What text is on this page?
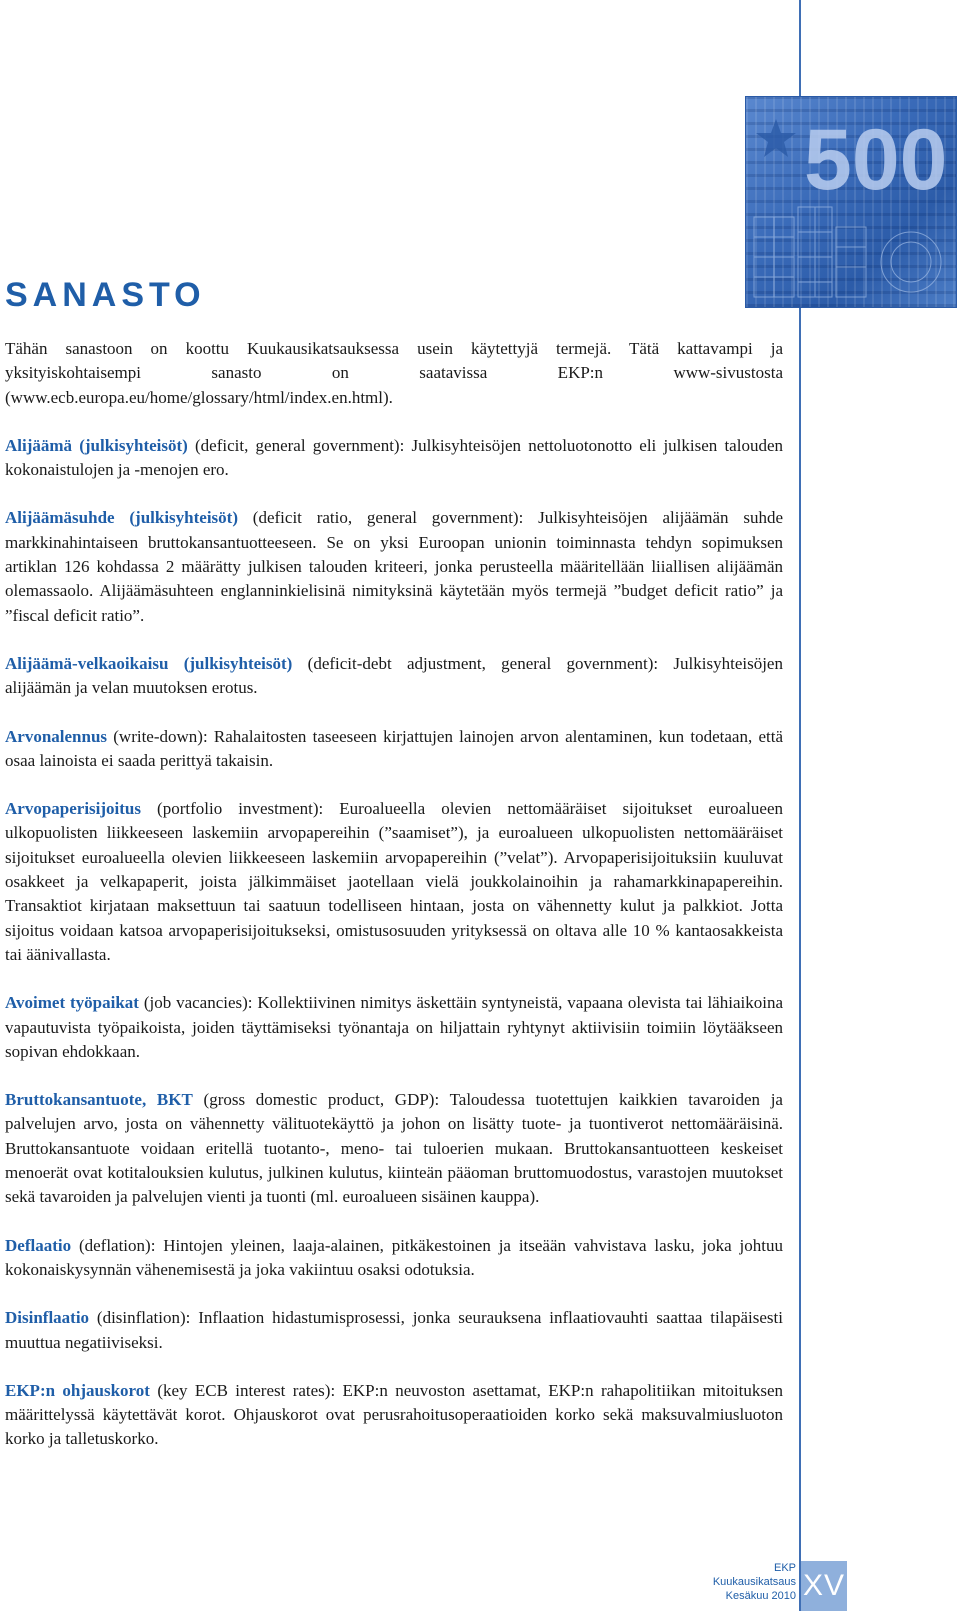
500
SANASTO

Tähän sanastoon on koottu Kuukausikatsauksessa usein käytettyjä termejä. Tätä kattavampi ja yksityiskohtaisempi sanasto on saatavissa EKP:n www-sivustosta (www.ecb.europa.eu/home/glossary/html/index.en.html).

Alijäämä (julkisyhteisöt) (deficit, general government): Julkisyhteisöjen nettoluotonotto eli julkisen talouden kokonaistulojen ja -menojen ero.

Alijäämäsuhde (julkisyhteisöt) (deficit ratio, general government): Julkisyhteisöjen alijäämän suhde markkinahintaiseen bruttokansantuotteeseen. Se on yksi Euroopan unionin toiminnasta tehdyn sopimuksen artiklan 126 kohdassa 2 määrätty julkisen talouden kriteeri, jonka perusteella määritellään liiallisen alijäämän olemassaolo. Alijäämäsuhteen englanninkielisinä nimityksinä käytetään myös termejä ”budget deficit ratio” ja ”fiscal deficit ratio”.

Alijäämä-velkaoikaisu (julkisyhteisöt) (deficit-debt adjustment, general government): Julkisyhteisöjen alijäämän ja velan muutoksen erotus.

Arvonalennus (write-down): Rahalaitosten taseeseen kirjattujen lainojen arvon alentaminen, kun todetaan, että osaa lainoista ei saada perittyä takaisin.

Arvopaperisijoitus (portfolio investment): Euroalueella olevien nettomääräiset sijoitukset euroalueen ulkopuolisten liikkeeseen laskemiin arvopapereihin (”saamiset”), ja euroalueen ulkopuolisten nettomääräiset sijoitukset euroalueella olevien liikkeeseen laskemiin arvopapereihin (”velat”). Arvopaperisijoituksiin kuuluvat osakkeet ja velkapaperit, joista jälkimmäiset jaotellaan vielä joukkolainoihin ja rahamarkkinapapereihin. Transaktiot kirjataan maksettuun tai saatuun todelliseen hintaan, josta on vähennetty kulut ja palkkiot. Jotta sijoitus voidaan katsoa arvopaperisijoitukseksi, omistusosuuden yrityksessä on oltava alle 10 % kantaosakkeista tai äänivallasta.

Avoimet työpaikat (job vacancies): Kollektiivinen nimitys äskettäin syntyneistä, vapaana olevista tai lähiaikoina vapautuvista työpaikoista, joiden täyttämiseksi työnantaja on hiljattain ryhtynyt aktiivisiin toimiin löytääkseen sopivan ehdokkaan.

Bruttokansantuote, BKT (gross domestic product, GDP): Taloudessa tuotettujen kaikkien tavaroiden ja palvelujen arvo, josta on vähennetty välituotekäyttö ja johon on lisätty tuote- ja tuontiverot nettomääräisinä. Bruttokansantuote voidaan eritellä tuotanto-, meno- tai tuloerien mukaan. Bruttokansantuotteen keskeiset menoerät ovat kotitalouksien kulutus, julkinen kulutus, kiinteän pääoman bruttomuodostus, varastojen muutokset sekä tavaroiden ja palvelujen vienti ja tuonti (ml. euroalueen sisäinen kauppa).

Deflaatio (deflation): Hintojen yleinen, laaja-alainen, pitkäkestoinen ja itseään vahvistava lasku, joka johtuu kokonaiskysynnän vähenemisestä ja joka vakiintuu osaksi odotuksia.

Disinflaatio (disinflation): Inflaation hidastumisprosessi, jonka seurauksena inflaatiovauhti saattaa tilapäisesti muuttua negatiiviseksi.

EKP:n ohjauskorot (key ECB interest rates): EKP:n neuvoston asettamat, EKP:n rahapolitiikan mitoituksen määrittelyssä käytettävät korot. Ohjauskorot ovat perusrahoitusoperaatioiden korko sekä maksuvalmiusluoton korko ja talletuskorko.

EKP
Kuukausikatsaus
Kesäkuu 2010 XV
